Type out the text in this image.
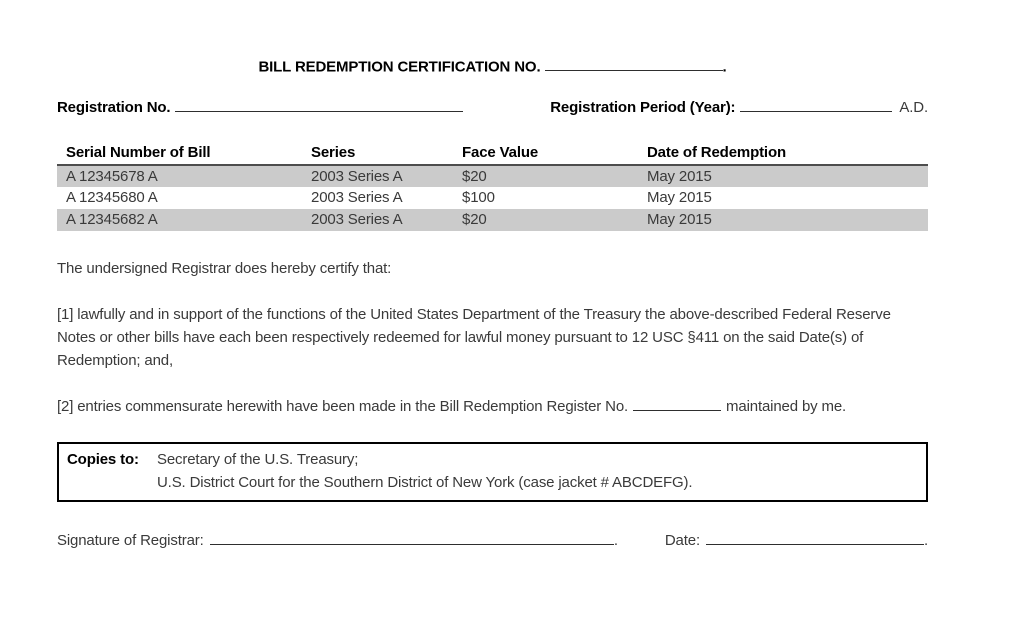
BILL REDEMPTION CERTIFICATION NO.	.
Registration No.	Registration Period (Year):	A.D.
Serial Number of Bill	Series	Face Value	Date of Redemption
A 12345678 A	2003 Series A	$20	May 2015
A 12345680 A	2003 Series A	$100	May 2015
A 12345682 A	2003 Series A	$20	May 2015

The undersigned Registrar does hereby certify that:

[1] lawfully and in support of the functions of the United States Department of the Treasury the above-described Federal Reserve Notes or other bills have each been respectively redeemed for lawful money pursuant to 12 USC §411 on the said Date(s) of Redemption; and,

[2] entries commensurate herewith have been made in the Bill Redemption Register No.	maintained by me.

Copies to:	Secretary of the U.S. Treasury;
U.S. District Court for the Southern District of New York (case jacket # ABCDEFG).
Signature of Registrar:	.	Date:	.
